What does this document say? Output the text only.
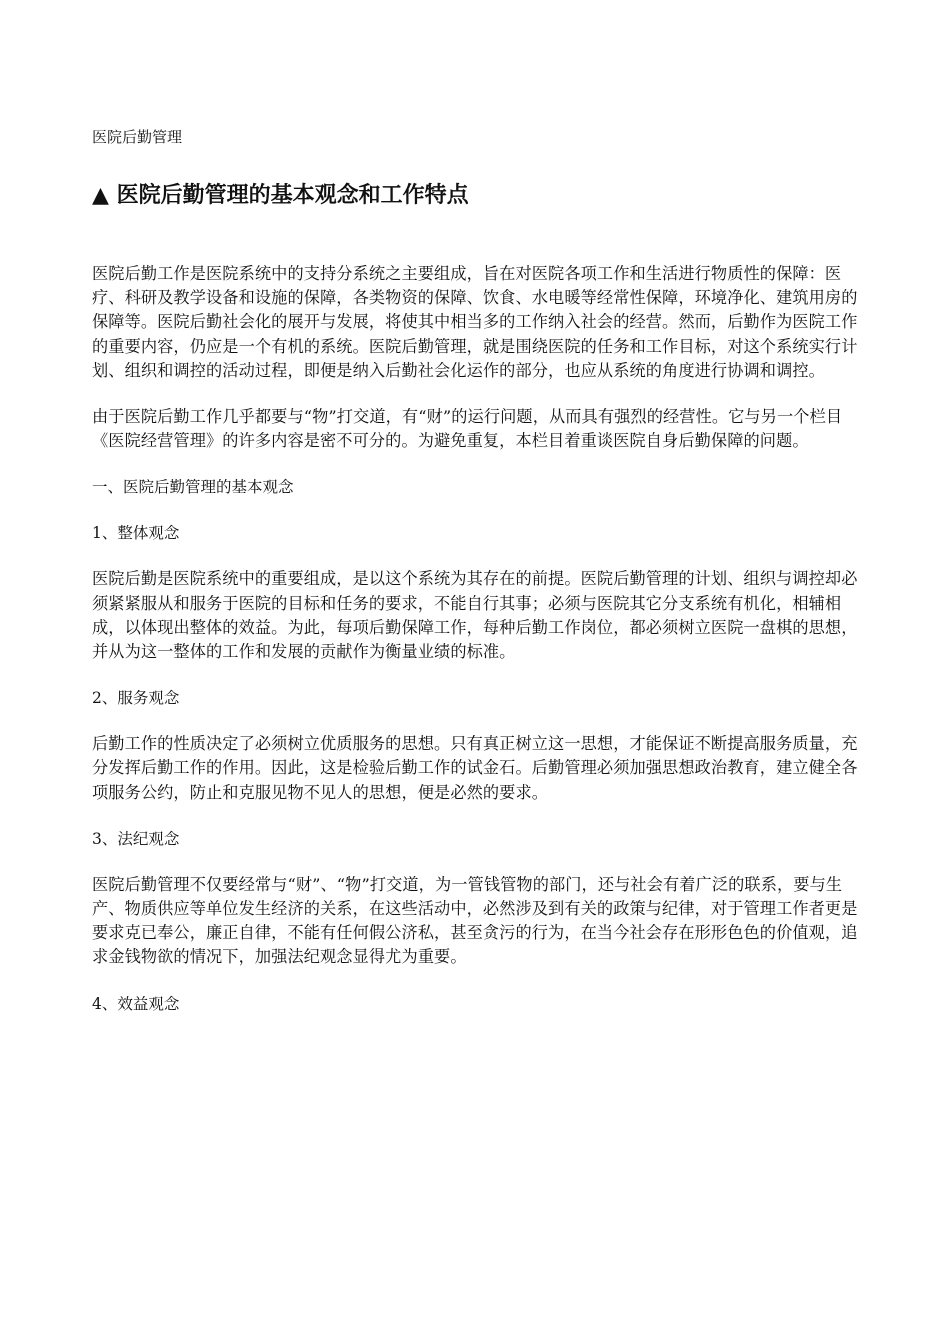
医院后勤管理
▲ 医院后勤管理的基本观念和工作特点

医院后勤工作是医院系统中的支持分系统之主要组成，旨在对医院各项工作和生活进行物质性的保障：医疗、科研及教学设备和设施的保障，各类物资的保障、饮食、水电暖等经常性保障，环境净化、建筑用房的保障等。医院后勤社会化的展开与发展，将使其中相当多的工作纳入社会的经营。然而，后勤作为医院工作的重要内容，仍应是一个有机的系统。医院后勤管理，就是围绕医院的任务和工作目标，对这个系统实行计划、组织和调控的活动过程，即便是纳入后勤社会化运作的部分，也应从系统的角度进行协调和调控。

由于医院后勤工作几乎都要与“物”打交道，有“财”的运行问题，从而具有强烈的经营性。它与另一个栏目《医院经营管理》的许多内容是密不可分的。为避免重复，本栏目着重谈医院自身后勤保障的问题。

一、医院后勤管理的基本观念
1、整体观念

医院后勤是医院系统中的重要组成，是以这个系统为其存在的前提。医院后勤管理的计划、组织与调控却必须紧紧服从和服务于医院的目标和任务的要求，不能自行其事；必须与医院其它分支系统有机化，相辅相成，以体现出整体的效益。为此，每项后勤保障工作，每种后勤工作岗位，都必须树立医院一盘棋的思想，并从为这一整体的工作和发展的贡献作为衡量业绩的标准。

2、服务观念

后勤工作的性质决定了必须树立优质服务的思想。只有真正树立这一思想，才能保证不断提高服务质量，充分发挥后勤工作的作用。因此，这是检验后勤工作的试金石。后勤管理必须加强思想政治教育，建立健全各项服务公约，防止和克服见物不见人的思想，便是必然的要求。

3、法纪观念

医院后勤管理不仅要经常与“财”、“物”打交道，为一管钱管物的部门，还与社会有着广泛的联系，要与生产、物质供应等单位发生经济的关系，在这些活动中，必然涉及到有关的政策与纪律，对于管理工作者更是要求克已奉公，廉正自律，不能有任何假公济私，甚至贪污的行为，在当今社会存在形形色色的价值观，追求金钱物欲的情况下，加强法纪观念显得尤为重要。

4、效益观念
